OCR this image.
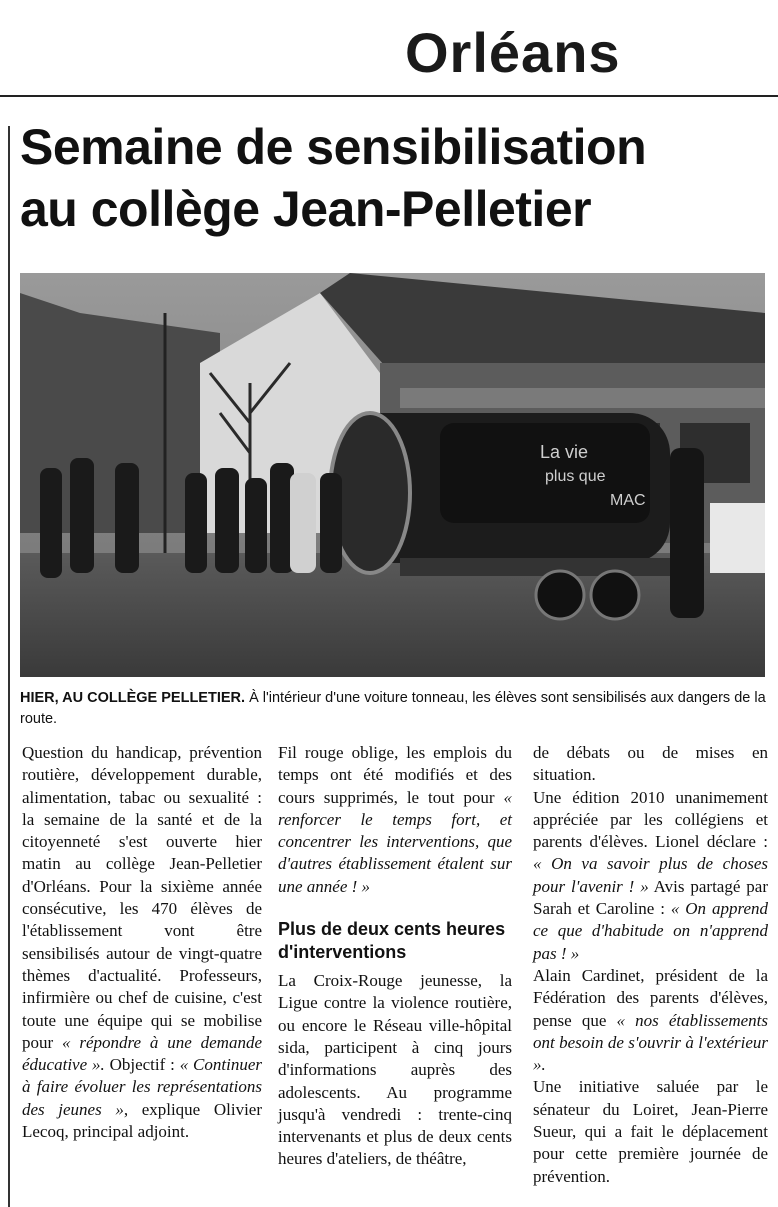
Orléans
Semaine de sensibilisation
au collège Jean-Pelletier
La vie
plus que
MAC
HIER, AU COLLÈGE PELLETIER. À l'intérieur d'une voiture tonneau, les élèves sont sensibilisés aux dangers de la route.

Question du handicap, prévention routière, développement durable, alimentation, tabac ou sexualité : la semaine de la santé et de la citoyenneté s'est ouverte hier matin au collège Jean-Pelletier d'Orléans. Pour la sixième année consécutive, les 470 élèves de l'établissement vont être sensibilisés autour de vingt-quatre thèmes d'actualité. Professeurs, infirmière ou chef de cuisine, c'est toute une équipe qui se mobilise pour « répondre à une demande éducative ». Objectif : « Continuer à faire évoluer les représentations des jeunes », explique Olivier Lecoq, principal adjoint.

Fil rouge oblige, les emplois du temps ont été modifiés et des cours supprimés, le tout pour « renforcer le temps fort, et concentrer les interventions, que d'autres établissement étalent sur une année ! »

Plus de deux cents heures d'interventions

La Croix-Rouge jeunesse, la Ligue contre la violence routière, ou encore le Réseau ville-hôpital sida, participent à cinq jours d'informations auprès des adolescents. Au programme jusqu'à vendredi : trente-cinq intervenants et plus de deux cents heures d'ateliers, de théâtre,

de débats ou de mises en situation.

Une édition 2010 unanimement appréciée par les collégiens et parents d'élèves. Lionel déclare : « On va savoir plus de choses pour l'avenir ! » Avis partagé par Sarah et Caroline : « On apprend ce que d'habitude on n'apprend pas ! »

Alain Cardinet, président de la Fédération des parents d'élèves, pense que « nos établissements ont besoin de s'ouvrir à l'extérieur ».

Une initiative saluée par le sénateur du Loiret, Jean-Pierre Sueur, qui a fait le déplacement pour cette première journée de prévention.
